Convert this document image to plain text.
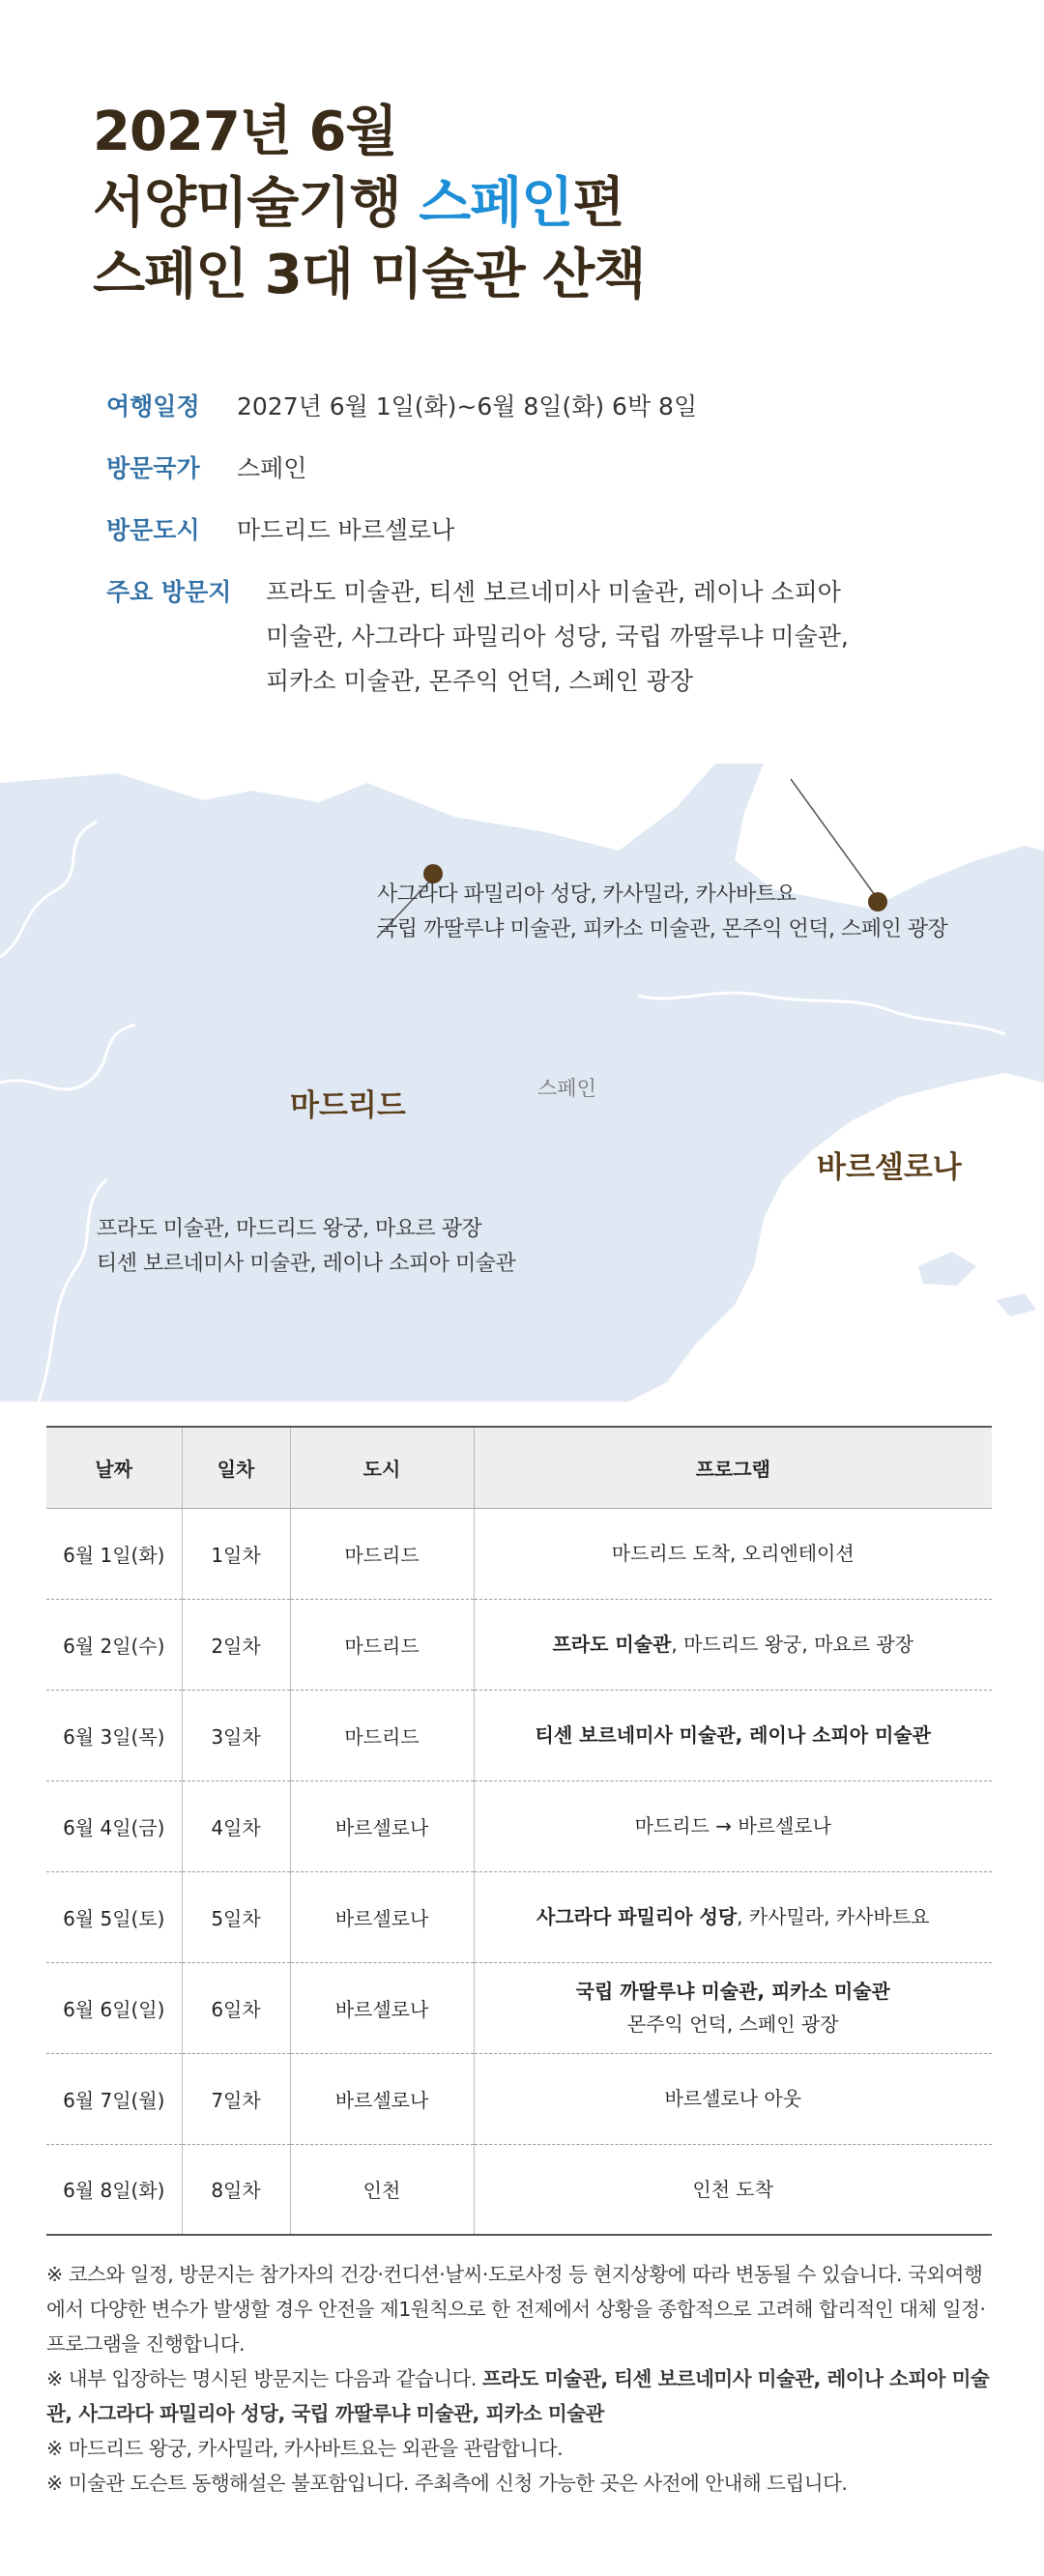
2027년 6월
서양미술기행 스페인편
스페인 3대 미술관 산책
여행일정	2027년 6월 1일(화)~6월 8일(화) 6박 8일
방문국가	스페인
방문도시	마드리드 바르셀로나
주요 방문지	프라도 미술관, 티센 보르네미사 미술관, 레이나 소피아
미술관, 사그라다 파밀리아 성당, 국립 까딸루냐 미술관,
피카소 미술관, 몬주익 언덕, 스페인 광장
사그라다 파밀리아 성당, 카사밀라, 카사바트요
국립 까딸루냐 미술관, 피카소 미술관, 몬주익 언덕, 스페인 광장
스페인
마드리드
바르셀로나
프라도 미술관, 마드리드 왕궁, 마요르 광장
티센 보르네미사 미술관, 레이나 소피아 미술관
날짜	일차	도시	프로그램
6월 1일(화)	1일차	마드리드	마드리드 도착, 오리엔테이션

6월 2일(수)	2일차	마드리드	프라도 미술관, 마드리드 왕궁, 마요르 광장

6월 3일(목)	3일차	마드리드	티센 보르네미사 미술관, 레이나 소피아 미술관

6월 4일(금)	4일차	바르셀로나	마드리드 → 바르셀로나

6월 5일(토)	5일차	바르셀로나	사그라다 파밀리아 성당, 카사밀라, 카사바트요

6월 6일(일)	6일차	바르셀로나	국립 까딸루냐 미술관, 피카소 미술관
몬주익 언덕, 스페인 광장

6월 7일(월)	7일차	바르셀로나	바르셀로나 아웃

6월 8일(화)	8일차	인천	인천 도착

※ 코스와 일정, 방문지는 참가자의 건강·컨디션·날씨·도로사정 등 현지상황에 따라 변동될 수 있습니다. 국외여행에서 다양한 변수가 발생할 경우 안전을 제1원칙으로 한 전제에서 상황을 종합적으로 고려해 합리적인 대체 일정·프로그램을 진행합니다.

※ 내부 입장하는 명시된 방문지는 다음과 같습니다. 프라도 미술관, 티센 보르네미사 미술관, 레이나 소피아 미술관, 사그라다 파밀리아 성당, 국립 까딸루냐 미술관, 피카소 미술관

※ 마드리드 왕궁, 카사밀라, 카사바트요는 외관을 관람합니다.

※ 미술관 도슨트 동행해설은 불포함입니다. 주최측에 신청 가능한 곳은 사전에 안내해 드립니다.
